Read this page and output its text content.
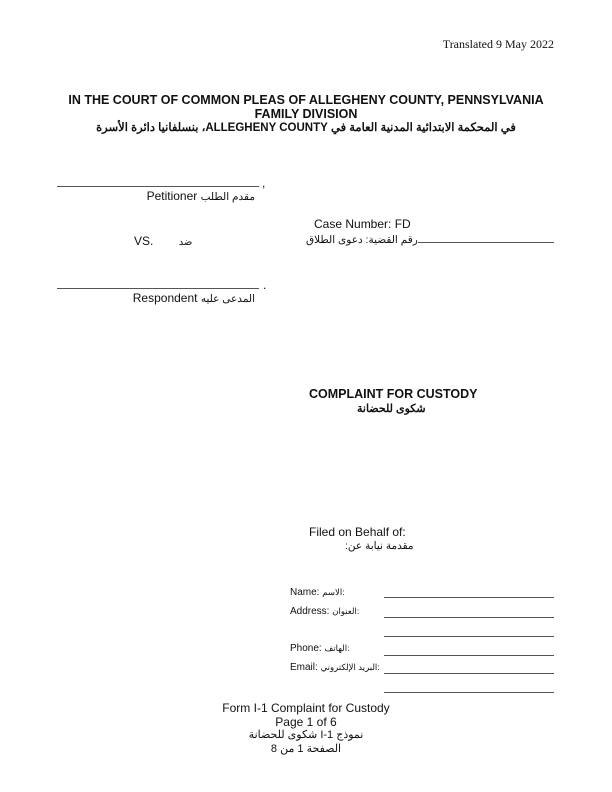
Translated 9 May 2022
IN THE COURT OF COMMON PLEAS OF ALLEGHENY COUNTY, PENNSYLVANIA
FAMILY DIVISION
في المحكمة الابتدائية المدنية العامة في ALLEGHENY COUNTY، بنسلفانيا دائرة الأسرة
,
Petitioner مقدم الطلب
VS.	ضد
Case Number: FD
رقم القضية: دعوى الطلاق
.
Respondent المدعى عليه
COMPLAINT FOR CUSTODY
شكوى للحضانة
Filed on Behalf of:
مقدمة نيابة عن:
Name: الاسم:
Address: العنوان:
Phone: الهاتف:
Email: البريد الإلكتروني:
Form I-1 Complaint for Custody
Page 1 of 6
نموذج I-1 شكوى للحضانة
الصفحة 1 من 8
